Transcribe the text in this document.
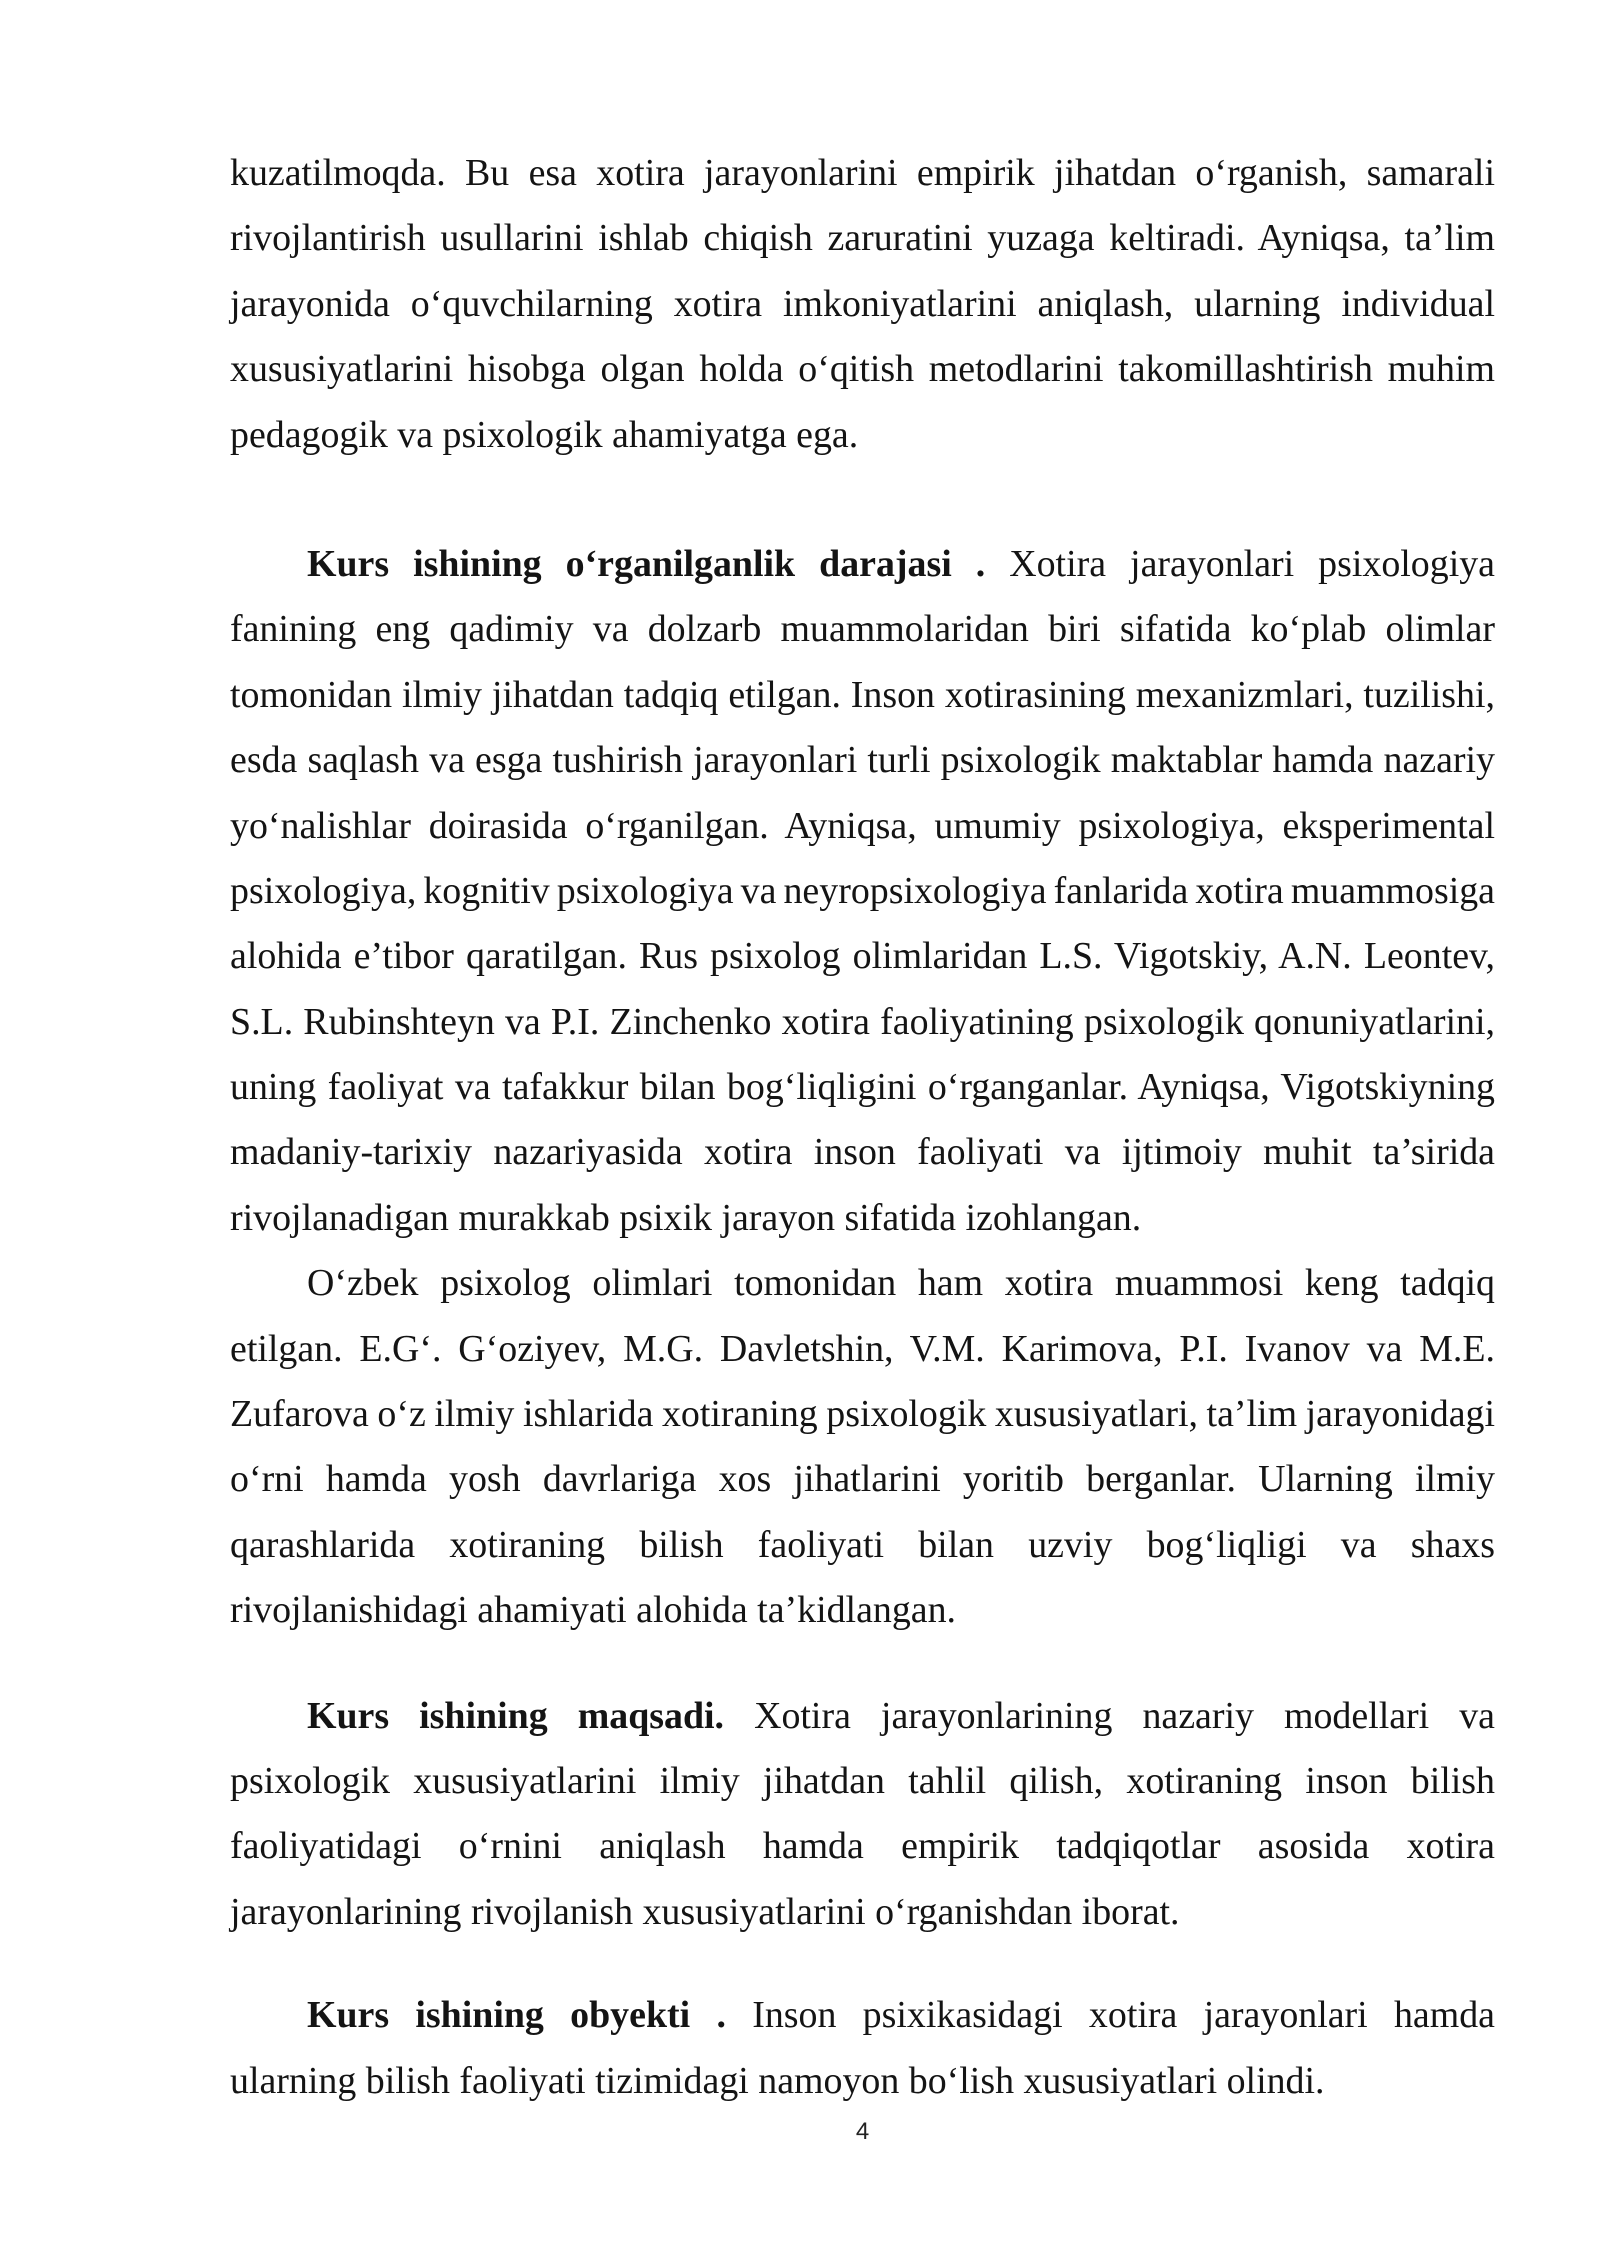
kuzatilmoqda. Bu esa xotira jarayonlarini empirik jihatdan o‘rganish, samarali
rivojlantirish usullarini ishlab chiqish zaruratini yuzaga keltiradi. Ayniqsa, ta’lim
jarayonida o‘quvchilarning xotira imkoniyatlarini aniqlash, ularning individual
xususiyatlarini hisobga olgan holda o‘qitish metodlarini takomillashtirish muhim
pedagogik va psixologik ahamiyatga ega.
Kurs ishining o‘rganilganlik darajasi . Xotira jarayonlari psixologiya
fanining eng qadimiy va dolzarb muammolaridan biri sifatida ko‘plab olimlar
tomonidan ilmiy jihatdan tadqiq etilgan. Inson xotirasining mexanizmlari, tuzilishi,
esda saqlash va esga tushirish jarayonlari turli psixologik maktablar hamda nazariy
yo‘nalishlar doirasida o‘rganilgan. Ayniqsa, umumiy psixologiya, eksperimental
psixologiya, kognitiv psixologiya va neyropsixologiya fanlarida xotira muammosiga
alohida e’tibor qaratilgan. Rus psixolog olimlaridan L.S. Vigotskiy, A.N. Leontev,
S.L. Rubinshteyn va P.I. Zinchenko xotira faoliyatining psixologik qonuniyatlarini,
uning faoliyat va tafakkur bilan bog‘liqligini o‘rganganlar. Ayniqsa, Vigotskiyning
madaniy-tarixiy nazariyasida xotira inson faoliyati va ijtimoiy muhit ta’sirida
rivojlanadigan murakkab psixik jarayon sifatida izohlangan.
O‘zbek psixolog olimlari tomonidan ham xotira muammosi keng tadqiq
etilgan. E.G‘. G‘oziyev, M.G. Davletshin, V.M. Karimova, P.I. Ivanov va M.E.
Zufarova o‘z ilmiy ishlarida xotiraning psixologik xususiyatlari, ta’lim jarayonidagi
o‘rni hamda yosh davrlariga xos jihatlarini yoritib berganlar. Ularning ilmiy
qarashlarida xotiraning bilish faoliyati bilan uzviy bog‘liqligi va shaxs
rivojlanishidagi ahamiyati alohida ta’kidlangan.
Kurs ishining maqsadi. Xotira jarayonlarining nazariy modellari va
psixologik xususiyatlarini ilmiy jihatdan tahlil qilish, xotiraning inson bilish
faoliyatidagi o‘rnini aniqlash hamda empirik tadqiqotlar asosida xotira
jarayonlarining rivojlanish xususiyatlarini o‘rganishdan iborat.
Kurs ishining obyekti . Inson psixikasidagi xotira jarayonlari hamda
ularning bilish faoliyati tizimidagi namoyon bo‘lish xususiyatlari olindi.
4
